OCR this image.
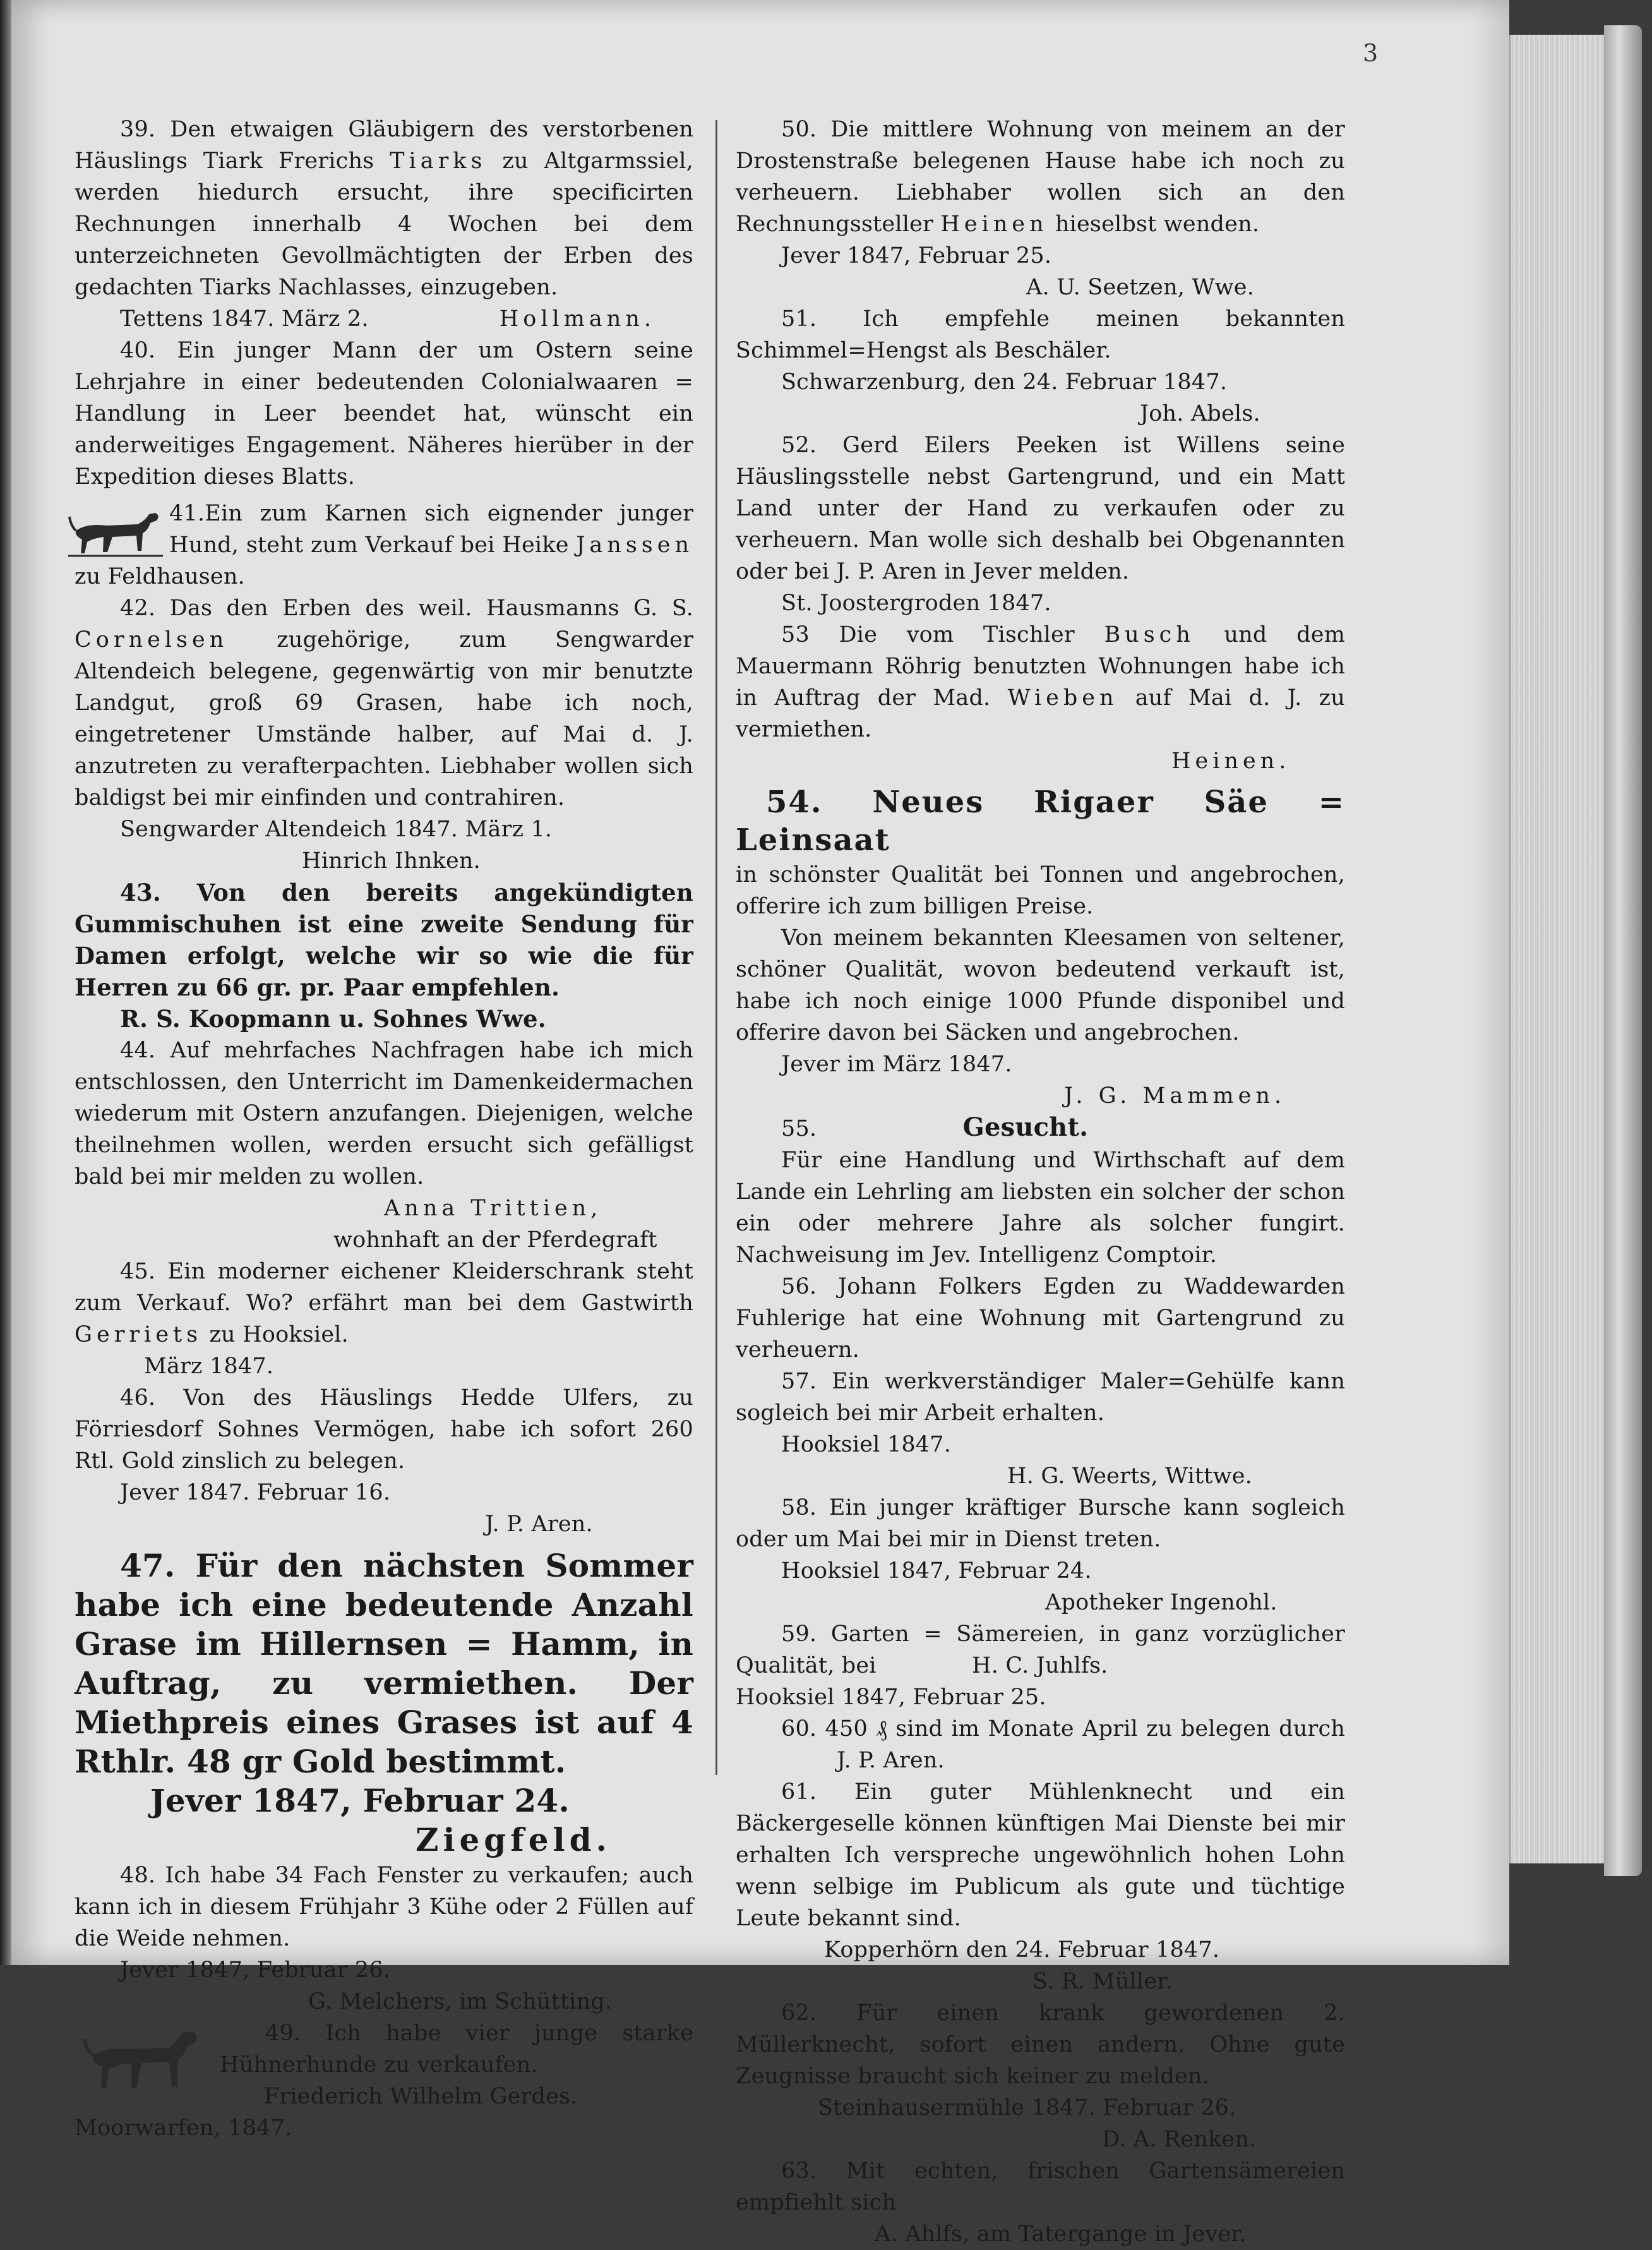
3

39. Den etwaigen Gläubigern des verstorbenen Häuslings Tiark Frerichs Tiarks zu Altgarmssiel, werden hiedurch ersucht, ihre specificirten Rechnungen innerhalb 4 Wochen bei dem unterzeichneten Gevollmächtigten der Erben des gedachten Tiarks Nachlasses, einzugeben.

Tettens 1847. März 2.	Hollmann.

40. Ein junger Mann der um Ostern seine Lehrjahre in einer bedeutenden Colonialwaaren = Handlung in Leer beendet hat, wünscht ein anderweitiges Engagement. Näheres hierüber in der Expedition dieses Blatts.

41.Ein zum Karnen sich eignender junger Hund, steht zum Verkauf bei Heike Janssen zu Feldhausen.

42. Das den Erben des weil. Hausmanns G. S. Cornelsen zugehörige, zum Sengwarder Altendeich belegene, gegenwärtig von mir benutzte Landgut, groß 69 Grasen, habe ich noch, eingetretener Umstände halber, auf Mai d. J. anzutreten zu verafterpachten. Liebhaber wollen sich baldigst bei mir einfinden und contrahiren.

Sengwarder Altendeich 1847. März 1.

Hinrich Ihnken.

43. Von den bereits angekündigten Gummischuhen ist eine zweite Sendung für Damen erfolgt, welche wir so wie die für Herren zu 66 gr. pr. Paar empfehlen.

R. S. Koopmann u. Sohnes Wwe.

44. Auf mehrfaches Nachfragen habe ich mich entschlossen, den Unterricht im Damenkeidermachen wiederum mit Ostern anzufangen. Diejenigen, welche theilnehmen wollen, werden ersucht sich gefälligst bald bei mir melden zu wollen.

Anna Trittien,

wohnhaft an der Pferdegraft

45. Ein moderner eichener Kleiderschrank steht zum Verkauf. Wo? erfährt man bei dem Gastwirth Gerriets zu Hooksiel.

März 1847.

46. Von des Häuslings Hedde Ulfers, zu Förriesdorf Sohnes Vermögen, habe ich sofort 260 Rtl. Gold zinslich zu belegen.

Jever 1847. Februar 16.

J. P. Aren.

47. Für den nächsten Sommer habe ich eine bedeutende Anzahl Grase im Hillernsen = Hamm, in Auftrag, zu vermiethen. Der Miethpreis eines Grases ist auf 4 Rthlr. 48 gr Gold bestimmt.

Jever 1847, Februar 24.

Ziegfeld.

48. Ich habe 34 Fach Fenster zu verkaufen; auch kann ich in diesem Frühjahr 3 Kühe oder 2 Füllen auf die Weide nehmen.

Jever 1847, Februar 26.

G. Melchers, im Schütting.

49. Ich habe vier junge starke Hühnerhunde zu verkaufen.

Friederich Wilhelm Gerdes.

Moorwarfen, 1847.

50. Die mittlere Wohnung von meinem an der Drostenstraße belegenen Hause habe ich noch zu verheuern. Liebhaber wollen sich an den Rechnungssteller Heinen hieselbst wenden.

Jever 1847, Februar 25.

A. U. Seetzen, Wwe.

51. Ich empfehle meinen bekannten Schimmel=Hengst als Beschäler.

Schwarzenburg, den 24. Februar 1847.

Joh. Abels.

52. Gerd Eilers Peeken ist Willens seine Häuslingsstelle nebst Gartengrund, und ein Matt Land unter der Hand zu verkaufen oder zu verheuern. Man wolle sich deshalb bei Obgenannten oder bei J. P. Aren in Jever melden.

St. Joostergroden 1847.

53 Die vom Tischler Busch und dem Mauermann Röhrig benutzten Wohnungen habe ich in Auftrag der Mad. Wieben auf Mai d. J. zu vermiethen.

Heinen.

54. Neues Rigaer Säe = Leinsaat

in schönster Qualität bei Tonnen und angebrochen, offerire ich zum billigen Preise.

Von meinem bekannten Kleesamen von seltener, schöner Qualität, wovon bedeutend verkauft ist, habe ich noch einige 1000 Pfunde disponibel und offerire davon bei Säcken und angebrochen.

Jever im März 1847.

J. G. Mammen.

55.	Gesucht.

Für eine Handlung und Wirthschaft auf dem Lande ein Lehrling am liebsten ein solcher der schon ein oder mehrere Jahre als solcher fungirt. Nachweisung im Jev. Intelligenz Comptoir.

56. Johann Folkers Egden zu Waddewarden Fuhlerige hat eine Wohnung mit Gartengrund zu verheuern.

57. Ein werkverständiger Maler=Gehülfe kann sogleich bei mir Arbeit erhalten.

Hooksiel 1847.

H. G. Weerts, Wittwe.

58. Ein junger kräftiger Bursche kann sogleich oder um Mai bei mir in Dienst treten.

Hooksiel 1847, Februar 24.

Apotheker Ingenohl.

59. Garten = Sämereien, in ganz vorzüglicher Qualität, bei	H. C. Juhlfs.

Hooksiel 1847, Februar 25.

60. 450 ₰ sind im Monate April zu belegen durch J. P. Aren.

61. Ein guter Mühlenknecht und ein Bäckergeselle können künftigen Mai Dienste bei mir erhalten Ich verspreche ungewöhnlich hohen Lohn wenn selbige im Publicum als gute und tüchtige Leute bekannt sind.

Kopperhörn den 24. Februar 1847.

S. R. Müller.

62. Für einen krank gewordenen 2. Müllerknecht, sofort einen andern. Ohne gute Zeugnisse braucht sich keiner zu melden.

Steinhausermühle 1847. Februar 26.

D. A. Renken.

63. Mit echten, frischen Gartensämereien empfiehlt sich

A. Ahlfs, am Tatergange in Jever.
